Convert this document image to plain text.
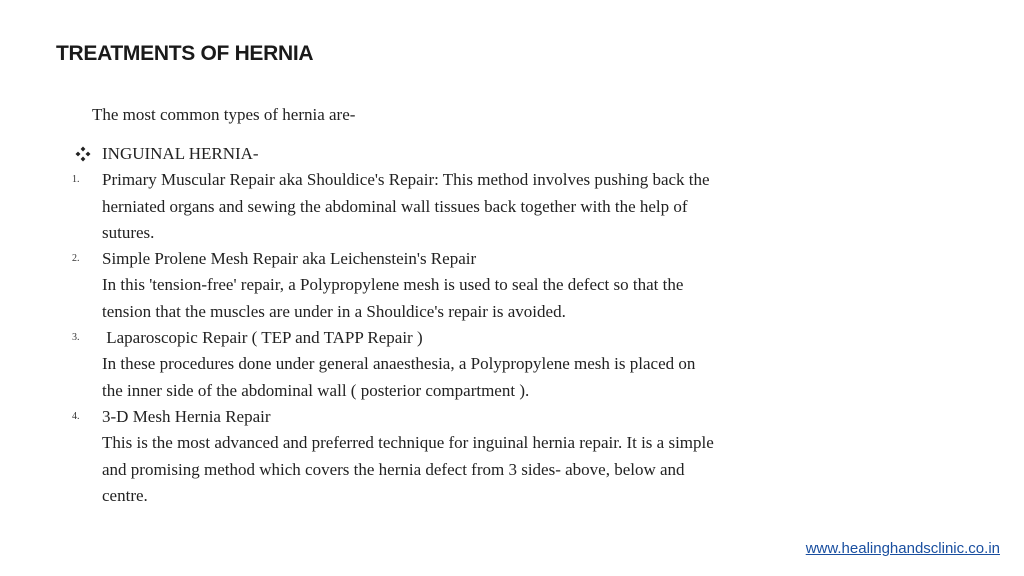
TREATMENTS OF HERNIA
The most common types of hernia are-
INGUINAL HERNIA-
1.	Primary Muscular Repair aka Shouldice's Repair: This method involves pushing back the
herniated organs and sewing the abdominal wall tissues back together with the help of
sutures.
2.	Simple Prolene Mesh Repair aka Leichenstein's Repair
In this 'tension-free' repair, a Polypropylene mesh is used to seal the defect so that the
tension that the muscles are under in a Shouldice's repair is avoided.
3.	Laparoscopic Repair ( TEP and TAPP Repair )
In these procedures done under general anaesthesia, a Polypropylene mesh is placed on
the inner side of the abdominal wall ( posterior compartment ).
4.	3-D Mesh Hernia Repair
This is the most advanced and preferred technique for inguinal hernia repair. It is a simple
and promising method which covers the hernia defect from 3 sides- above, below and
centre.
www.healinghandsclinic.co.in
